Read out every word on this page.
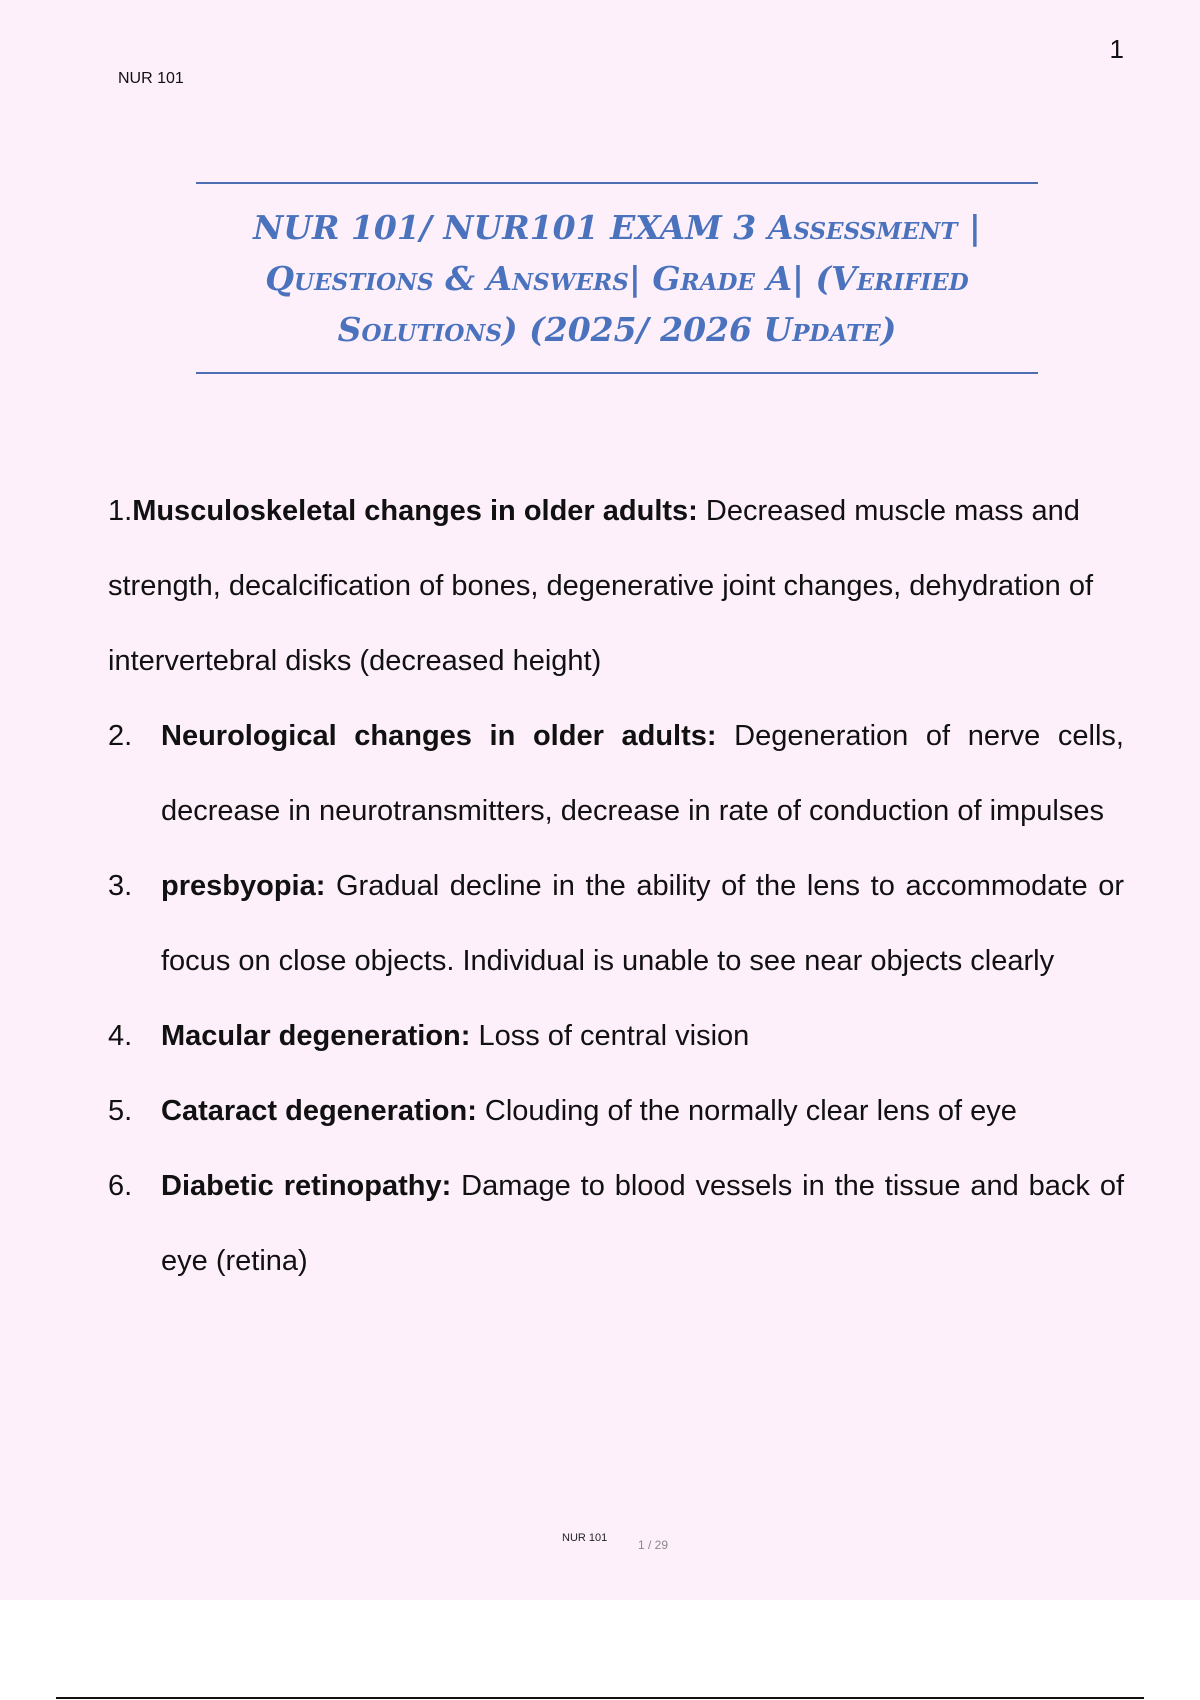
NUR 101
1
NUR 101/ NUR101 EXAM 3 Assessment | Questions & Answers| Grade A| (Verified Solutions) (2025/ 2026 Update)

1.Musculoskeletal changes in older adults: Decreased muscle mass and strength, decalcification of bones, degenerative joint changes, dehydration of intervertebral disks (decreased height)

2. Neurological changes in older adults: Degeneration of nerve cells, decrease in neurotransmitters, decrease in rate of conduction of impulses

3. presbyopia: Gradual decline in the ability of the lens to accommodate or focus on close objects. Individual is unable to see near objects clearly

4. Macular degeneration: Loss of central vision

5. Cataract degeneration: Clouding of the normally clear lens of eye

6. Diabetic retinopathy: Damage to blood vessels in the tissue and back of eye (retina)

NUR 101	1 / 29
